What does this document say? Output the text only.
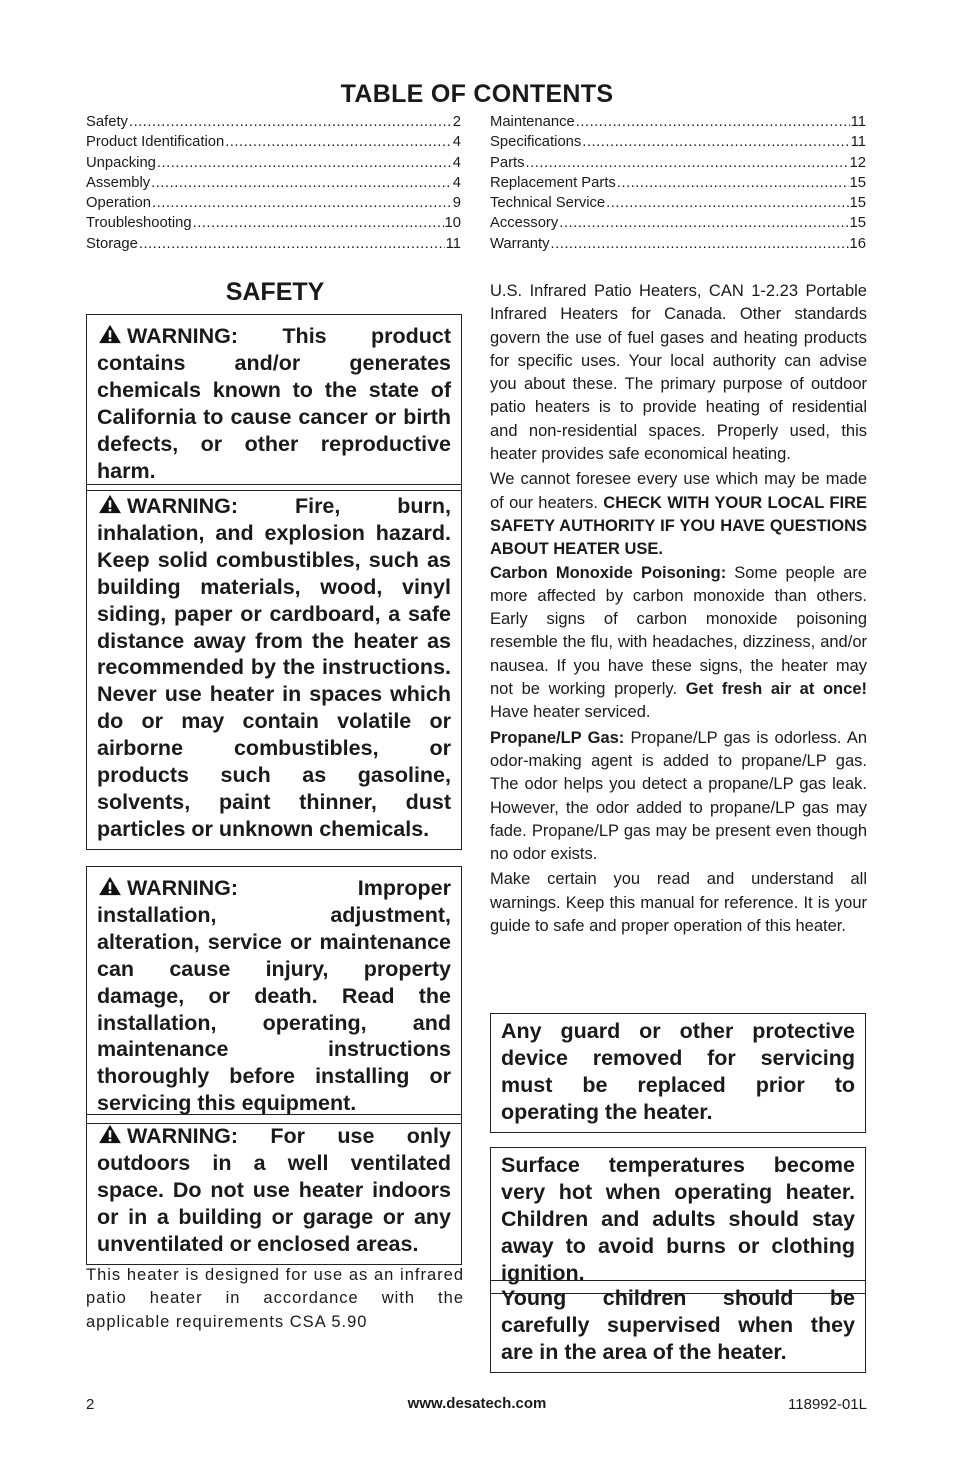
TABLE OF CONTENTS
Safety .....	2
Product Identification .....	4
Unpacking .....	4
Assembly .....	4
Operation .....	9
Troubleshooting .....	10
Storage .....	11
Maintenance .....	11
Specifications .....	11
Parts .....	12
Replacement Parts .....	15
Technical Service .....	15
Accessory .....	15
Warranty .....	16
SAFETY
WARNING: This product contains and/or generates chemicals known to the state of California to cause cancer or birth defects, or other reproductive harm.
WARNING: Fire, burn, inhalation, and explosion hazard. Keep solid combustibles, such as building materials, wood, vinyl siding, paper or cardboard, a safe distance away from the heater as recommended by the instructions. Never use heater in spaces which do or may contain volatile or airborne combustibles, or products such as gasoline, solvents, paint thinner, dust particles or unknown chemicals.
WARNING: Improper installation, adjustment, alteration, service or maintenance can cause injury, property damage, or death. Read the installation, operating, and maintenance instructions thoroughly before installing or servicing this equipment.
WARNING: For use only outdoors in a well ventilated space. Do not use heater indoors or in a building or garage or any unventilated or enclosed areas.

This heater is designed for use as an infrared patio heater in accordance with the applicable requirements CSA 5.90

U.S. Infrared Patio Heaters, CAN 1-2.23 Portable Infrared Heaters for Canada. Other standards govern the use of fuel gases and heating products for specific uses. Your local authority can advise you about these. The primary purpose of outdoor patio heaters is to provide heating of residential and non-residential spaces. Properly used, this heater provides safe economical heating.

We cannot foresee every use which may be made of our heaters. CHECK WITH YOUR LOCAL FIRE SAFETY AUTHORITY IF YOU HAVE QUESTIONS ABOUT HEATER USE.
Carbon Monoxide Poisoning: Some people are more affected by carbon monoxide than others. Early signs of carbon monoxide poisoning resemble the flu, with headaches, dizziness, and/or nausea. If you have these signs, the heater may not be working properly. Get fresh air at once! Have heater serviced.

Propane/LP Gas: Propane/LP gas is odorless. An odor-making agent is added to propane/LP gas. The odor helps you detect a propane/LP gas leak. However, the odor added to propane/LP gas may fade. Propane/LP gas may be present even though no odor exists.

Make certain you read and understand all warnings. Keep this manual for reference. It is your guide to safe and proper operation of this heater.

Any guard or other protective device removed for servicing must be replaced prior to operating the heater.
Surface temperatures become very hot when operating heater. Children and adults should stay away to avoid burns or clothing ignition.
Young children should be carefully supervised when they are in the area of the heater.
2	www.desatech.com	118992-01L
